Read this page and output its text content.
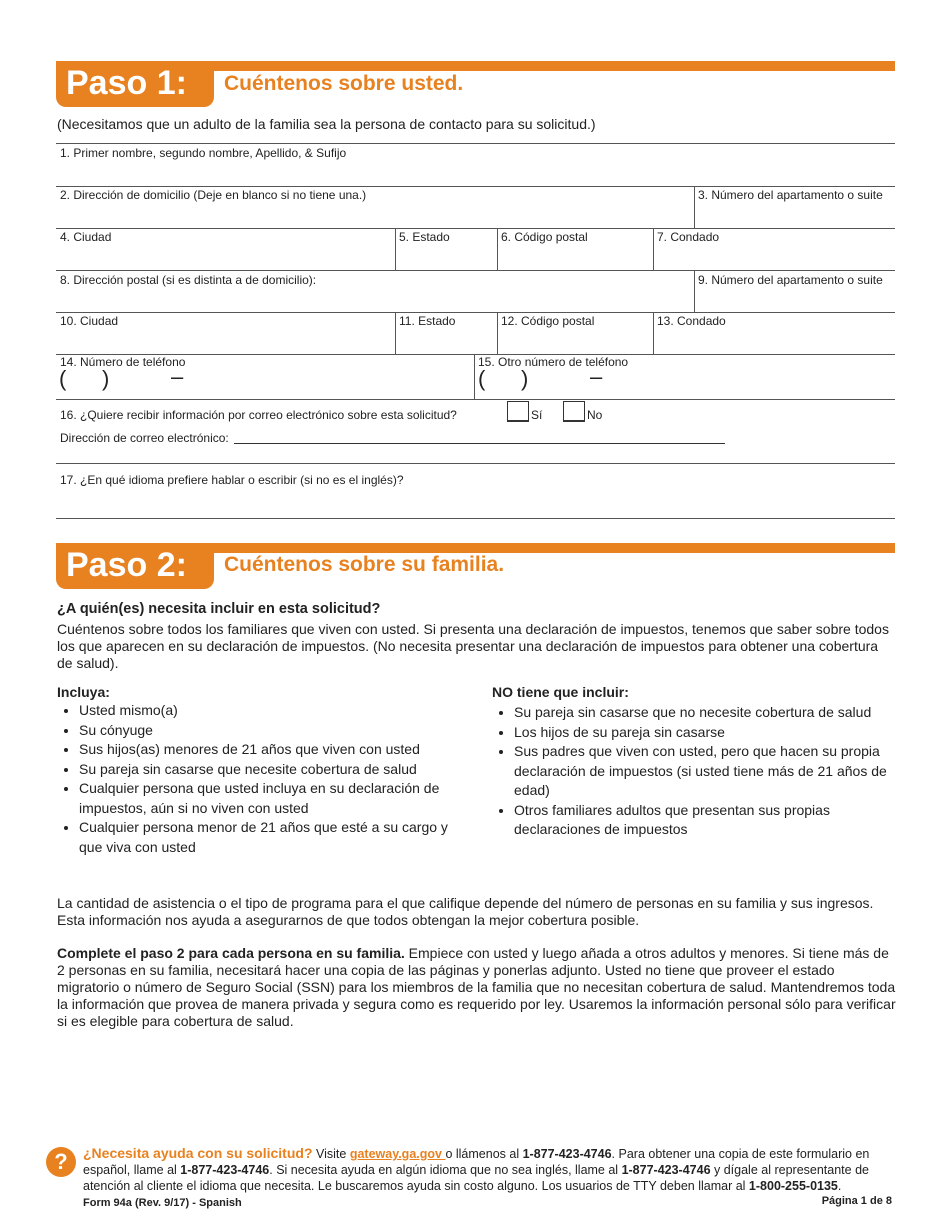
Paso 1:	Cuéntenos sobre usted.
(Necesitamos que un adulto de la familia sea la persona de contacto para su solicitud.)
1. Primer nombre, segundo nombre, Apellido, & Sufijo
2. Dirección de domicilio (Deje en blanco si no tiene una.)	3. Número del apartamento o suite
4. Ciudad	5. Estado	6. Código postal	7. Condado
8. Dirección postal (si es distinta a de domicilio):	9. Número del apartamento o suite
10. Ciudad	11. Estado	12. Código postal	13. Condado
14. Número de teléfono	15. Otro número de teléfono
( )	–	( )	–
16. ¿Quiere recibir información por correo electrónico sobre esta solicitud?	Sí	No
Dirección de correo electrónico:
17. ¿En qué idioma prefiere hablar o escribir (si no es el inglés)?
Paso 2:	Cuéntenos sobre su familia.
¿A quién(es) necesita incluir en esta solicitud?
Cuéntenos sobre todos los familiares que viven con usted. Si presenta una declaración de impuestos, tenemos que saber sobre todos los que aparecen en su declaración de impuestos. (No necesita presentar una declaración de impuestos para obtener una cobertura de salud).
Incluya:
• Usted mismo(a)
• Su cónyuge
• Sus hijos(as) menores de 21 años que viven con usted
• Su pareja sin casarse que necesite cobertura de salud
• Cualquier persona que usted incluya en su declaración de impuestos, aún si no viven con usted
• Cualquier persona menor de 21 años que esté a su cargo y que viva con usted
NO tiene que incluir:
• Su pareja sin casarse que no necesite cobertura de salud
• Los hijos de su pareja sin casarse
• Sus padres que viven con usted, pero que hacen su propia declaración de impuestos (si usted tiene más de 21 años de edad)
• Otros familiares adultos que presentan sus propias declaraciones de impuestos
La cantidad de asistencia o el tipo de programa para el que califique depende del número de personas en su familia y sus ingresos. Esta información nos ayuda a asegurarnos de que todos obtengan la mejor cobertura posible.
Complete el paso 2 para cada persona en su familia. Empiece con usted y luego añada a otros adultos y menores. Si tiene más de 2 personas en su familia, necesitará hacer una copia de las páginas y ponerlas adjunto. Usted no tiene que proveer el estado migratorio o número de Seguro Social (SSN) para los miembros de la familia que no necesitan cobertura de salud. Mantendremos toda la información que provea de manera privada y segura como es requerido por ley. Usaremos la información personal sólo para verificar si es elegible para cobertura de salud.
?	¿Necesita ayuda con su solicitud? Visite gateway.ga.gov o llámenos al 1-877-423-4746. Para obtener una copia de este formulario en español, llame al 1-877-423-4746. Si necesita ayuda en algún idioma que no sea inglés, llame al 1-877-423-4746 y dígale al representante de atención al cliente el idioma que necesita. Le buscaremos ayuda sin costo alguno. Los usuarios de TTY deben llamar al 1-800-255-0135.
Form 94a (Rev. 9/17) - Spanish	Página 1 de 8
